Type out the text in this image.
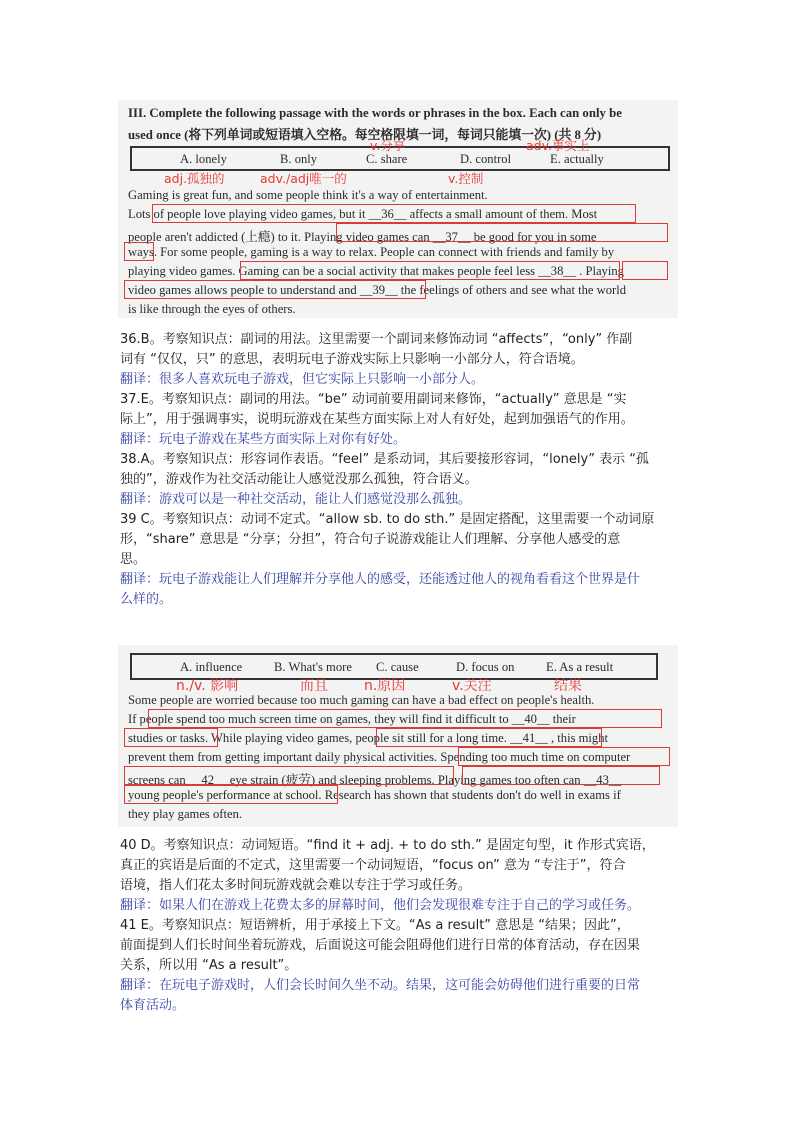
III. Complete the following passage with the words or phrases in the box. Each can only be
used once (将下列单词或短语填入空格。每空格限填一词，每词只能填一次) (共 8 分)
A. lonely	B. only	C. share	D. control	E. actually
v.分享	adv.事实上
adj.孤独的	adv./adj唯一的	v.控制
Gaming is great fun, and some people think it's a way of entertainment.
Lots of people love playing video games, but it __36__ affects a small amount of them. Most
people aren't addicted (上瘾) to it. Playing video games can __37__ be good for you in some
ways. For some people, gaming is a way to relax. People can connect with friends and family by
playing video games. Gaming can be a social activity that makes people feel less __38__ . Playing
video games allows people to understand and __39__ the feelings of others and see what the world
is like through the eyes of others.
36.B。考察知识点：副词的用法。这里需要一个副词来修饰动词 “affects”，“only” 作副
词有 “仅仅，只” 的意思，表明玩电子游戏实际上只影响一小部分人，符合语境。
翻译：很多人喜欢玩电子游戏，但它实际上只影响一小部分人。
37.E。考察知识点：副词的用法。“be” 动词前要用副词来修饰，“actually” 意思是 “实
际上”，用于强调事实，说明玩游戏在某些方面实际上对人有好处，起到加强语气的作用。
翻译：玩电子游戏在某些方面实际上对你有好处。
38.A。考察知识点：形容词作表语。“feel” 是系动词，其后要接形容词，“lonely” 表示 “孤
独的”，游戏作为社交活动能让人感觉没那么孤独，符合语义。
翻译：游戏可以是一种社交活动，能让人们感觉没那么孤独。
39 C。考察知识点：动词不定式。“allow sb. to do sth.” 是固定搭配，这里需要一个动词原
形，“share” 意思是 “分享；分担”，符合句子说游戏能让人们理解、分享他人感受的意
思。
翻译：玩电子游戏能让人们理解并分享他人的感受，还能透过他人的视角看看这个世界是什
么样的。
A. influence	B. What's more C. cause	D. focus on	E. As a result
n./v. 影响	而且	n.原因	v.关注	结果
Some people are worried because too much gaming can have a bad effect on people's health.
If people spend too much screen time on games, they will find it difficult to __40__ their
studies or tasks. While playing video games, people sit still for a long time. __41__ , this might
prevent them from getting important daily physical activities. Spending too much time on computer
screens can __42__ eye strain (疲劳) and sleeping problems. Playing games too often can __43__
young people's performance at school. Research has shown that students don't do well in exams if
they play games often.
40 D。考察知识点：动词短语。“find it + adj. + to do sth.” 是固定句型，it 作形式宾语，
真正的宾语是后面的不定式，这里需要一个动词短语，“focus on” 意为 “专注于”，符合
语境，指人们花太多时间玩游戏就会难以专注于学习或任务。
翻译：如果人们在游戏上花费太多的屏幕时间，他们会发现很难专注于自己的学习或任务。
41 E。考察知识点：短语辨析，用于承接上下文。“As a result” 意思是 “结果；因此”，
前面提到人们长时间坐着玩游戏，后面说这可能会阻碍他们进行日常的体育活动，存在因果
关系，所以用 “As a result”。
翻译：在玩电子游戏时，人们会长时间久坐不动。结果，这可能会妨碍他们进行重要的日常
体育活动。
